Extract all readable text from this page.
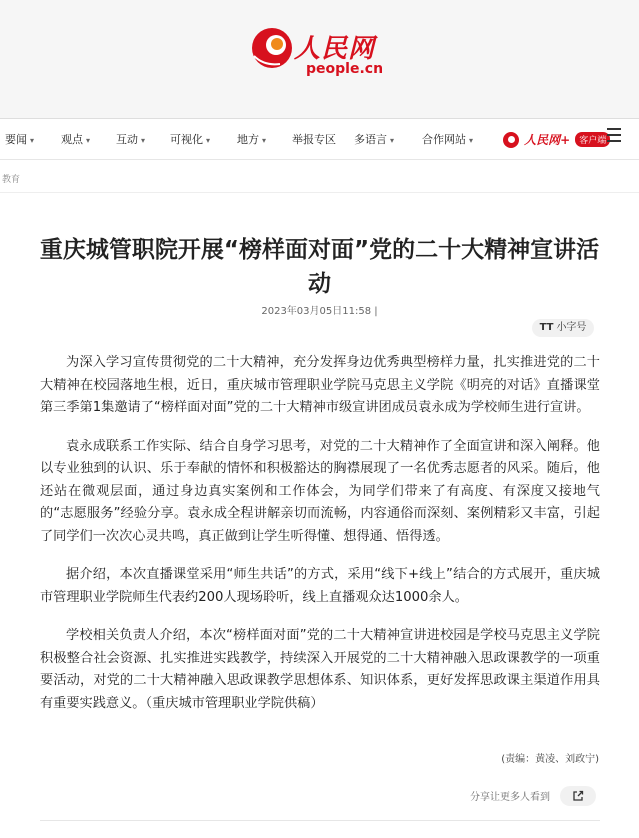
人民网
people.cn
要闻 ▾ 观点 ▾ 互动 ▾ 可视化 ▾ 地方 ▾ 举报专区 多语言 ▾	合作网站 ▾	人民网+ 客户端
教育
重庆城管职院开展“榜样面对面”党的二十大精神宣讲活动
2023年03月05日11:58 |
TT 小字号

为深入学习宣传贯彻党的二十大精神，充分发挥身边优秀典型榜样力量，扎实推进党的二十大精神在校园落地生根，近日，重庆城市管理职业学院马克思主义学院《明亮的对话》直播课堂第三季第1集邀请了“榜样面对面”党的二十大精神市级宣讲团成员袁永成为学校师生进行宣讲。

袁永成联系工作实际、结合自身学习思考，对党的二十大精神作了全面宣讲和深入阐释。他以专业独到的认识、乐于奉献的情怀和积极豁达的胸襟展现了一名优秀志愿者的风采。随后，他还站在微观层面，通过身边真实案例和工作体会，为同学们带来了有高度、有深度又接地气的“志愿服务”经验分享。袁永成全程讲解亲切而流畅，内容通俗而深刻、案例精彩又丰富，引起了同学们一次次心灵共鸣，真正做到让学生听得懂、想得通、悟得透。

据介绍，本次直播课堂采用“师生共话”的方式，采用“线下+线上”结合的方式展开，重庆城市管理职业学院师生代表约200人现场聆听，线上直播观众达1000余人。

学校相关负责人介绍，本次“榜样面对面”党的二十大精神宣讲进校园是学校马克思主义学院积极整合社会资源、扎实推进实践教学，持续深入开展党的二十大精神融入思政课教学的一项重要活动，对党的二十大精神融入思政课教学思想体系、知识体系，更好发挥思政课主渠道作用具有重要实践意义。（重庆城市管理职业学院供稿）

(责编：黄凌、刘政宁)
分享让更多人看到
